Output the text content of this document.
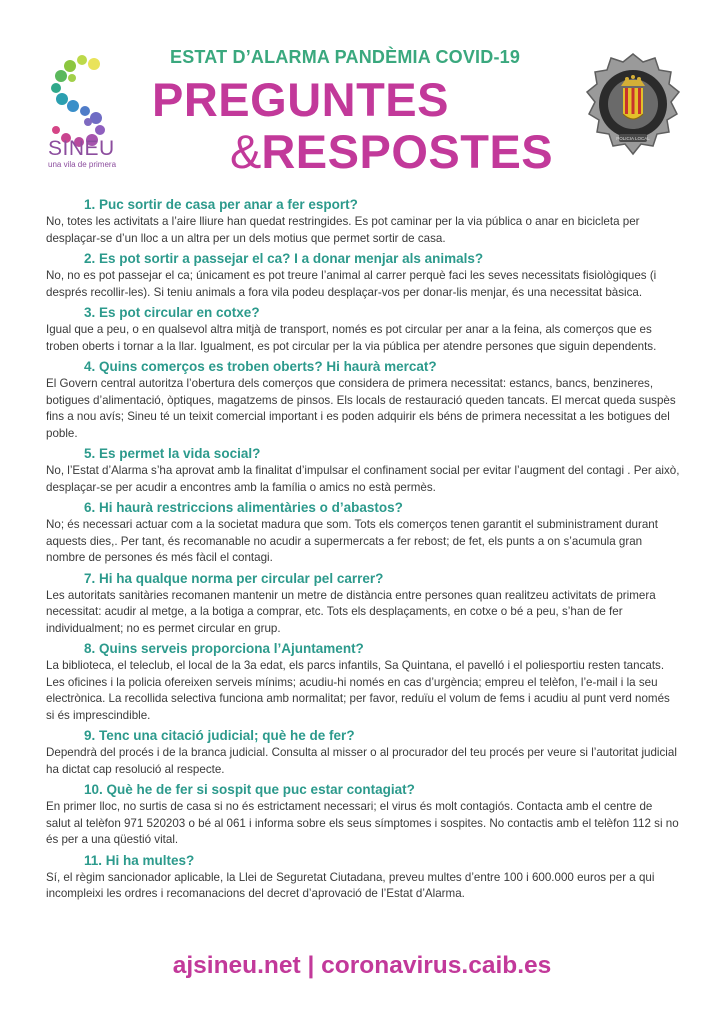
SINEU
una vila de primera
ESTAT D’ALARMA PANDÈMIA COVID-19
PREGUNTES
&RESPOSTES	POLICIA LOCAL
1. Puc sortir de casa per anar a fer esport?
No, totes les activitats a l’aire lliure han quedat restringides. Es pot caminar per la via pública o anar en bicicleta per desplaçar-se d’un lloc a un altra per un dels motius que permet sortir de casa.
2. Es pot sortir a passejar el ca? I a donar menjar als animals?
No, no es pot passejar el ca; únicament es pot treure l’animal al carrer perquè faci les seves necessitats fisiològiques (i després recollir-les). Si teniu animals a fora vila podeu desplaçar-vos per donar-lis menjar, és una necessitat bàsica.
3. Es pot circular en cotxe?
Igual que a peu, o en qualsevol altra mitjà de transport, només es pot circular per anar a la feina, als comerços que es troben oberts i tornar a la llar. Igualment, es pot circular per la via pública per atendre persones que siguin dependents.
4. Quins comerços es troben oberts? Hi haurà mercat?
El Govern central autoritza l’obertura dels comerços que considera de primera necessitat: estancs, bancs, benzineres, botigues d’alimentació, òptiques, magatzems de pinsos. Els locals de restauració queden tancats. El mercat queda suspès fins a nou avís; Sineu té un teixit comercial important i es poden adquirir els béns de primera necessitat a les botigues del poble.
5. Es permet la vida social?
No, l’Estat d’Alarma s’ha aprovat amb la finalitat d’impulsar el confinament social per evitar l’augment del contagi . Per això, desplaçar-se per acudir a encontres amb la família o amics no està permès.
6. Hi haurà restriccions alimentàries o d’abastos?
No; és necessari actuar com a la societat madura que som. Tots els comerços tenen garantit el subministrament durant aquests dies,. Per tant, és recomanable no acudir a supermercats a fer rebost; de fet, els punts a on s’acumula gran nombre de persones és més fàcil el contagi.
7. Hi ha qualque norma per circular pel carrer?
Les autoritats sanitàries recomanen mantenir un metre de distància entre persones quan realitzeu activitats de primera necessitat: acudir al metge, a la botiga a comprar, etc. Tots els desplaçaments, en cotxe o bé a peu, s’han de fer individualment; no es permet circular en grup.
8. Quins serveis proporciona l’Ajuntament?
La biblioteca, el teleclub, el local de la 3a edat, els parcs infantils, Sa Quintana, el pavelló i el poliesportiu resten tancats. Les oficines i la policia ofereixen serveis mínims; acudiu-hi només en cas d’urgència; empreu el telèfon, l’e-mail i la seu electrònica. La recollida selectiva funciona amb normalitat; per favor, reduïu el volum de fems i acudiu al punt verd només si és imprescindible.
9. Tenc una citació judicial; què he de fer?
Dependrà del procés i de la branca judicial. Consulta al misser o al procurador del teu procés per veure si l’autoritat judicial ha dictat cap resolució al respecte.
10. Què he de fer si sospit que puc estar contagiat?
En primer lloc, no surtis de casa si no és estrictament necessari; el virus és molt contagiós. Contacta amb el centre de salut al telèfon 971 520203 o bé al 061 i informa sobre els seus símptomes i sospites. No contactis amb el telèfon 112 si no és per a una qüestió vital.
11. Hi ha multes?
Sí, el règim sancionador aplicable, la Llei de Seguretat Ciutadana, preveu multes d’entre 100 i 600.000 euros per a qui incompleixi les ordres i recomanacions del decret d’aprovació de l’Estat d’Alarma.
ajsineu.net | coronavirus.caib.es
